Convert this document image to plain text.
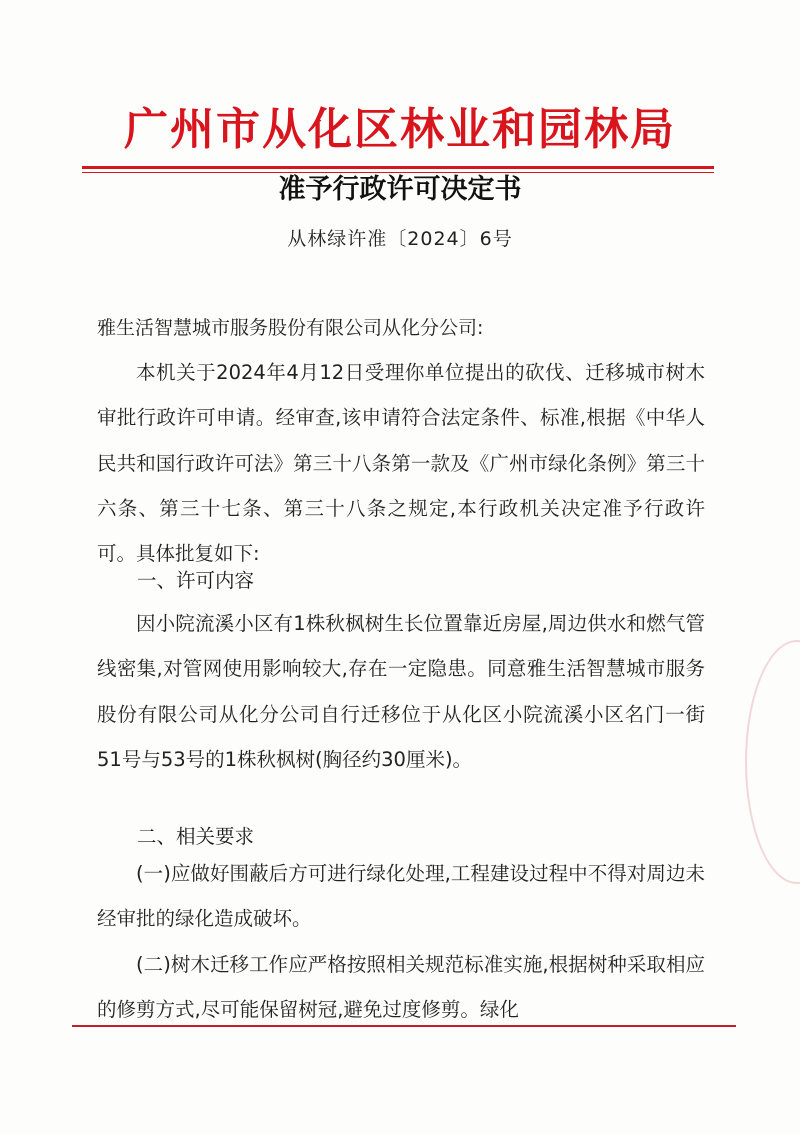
广州市从化区林业和园林局
准予行政许可决定书
从林绿许准〔2024〕6号
雅生活智慧城市服务股份有限公司从化分公司:
本机关于2024年4月12日受理你单位提出的砍伐、迁移城市树木审批行政许可申请。经审查,该申请符合法定条件、标准,根据《中华人民共和国行政许可法》第三十八条第一款及《广州市绿化条例》第三十六条、第三十七条、第三十八条之规定,本行政机关决定准予行政许可。具体批复如下:
一、许可内容
因小院流溪小区有1株秋枫树生长位置靠近房屋,周边供水和燃气管线密集,对管网使用影响较大,存在一定隐患。同意雅生活智慧城市服务股份有限公司从化分公司自行迁移位于从化区小院流溪小区名门一街51号与53号的1株秋枫树(胸径约30厘米)。
二、相关要求
(一)应做好围蔽后方可进行绿化处理,工程建设过程中不得对周边未经审批的绿化造成破坏。
(二)树木迁移工作应严格按照相关规范标准实施,根据树种采取相应的修剪方式,尽可能保留树冠,避免过度修剪。绿化
